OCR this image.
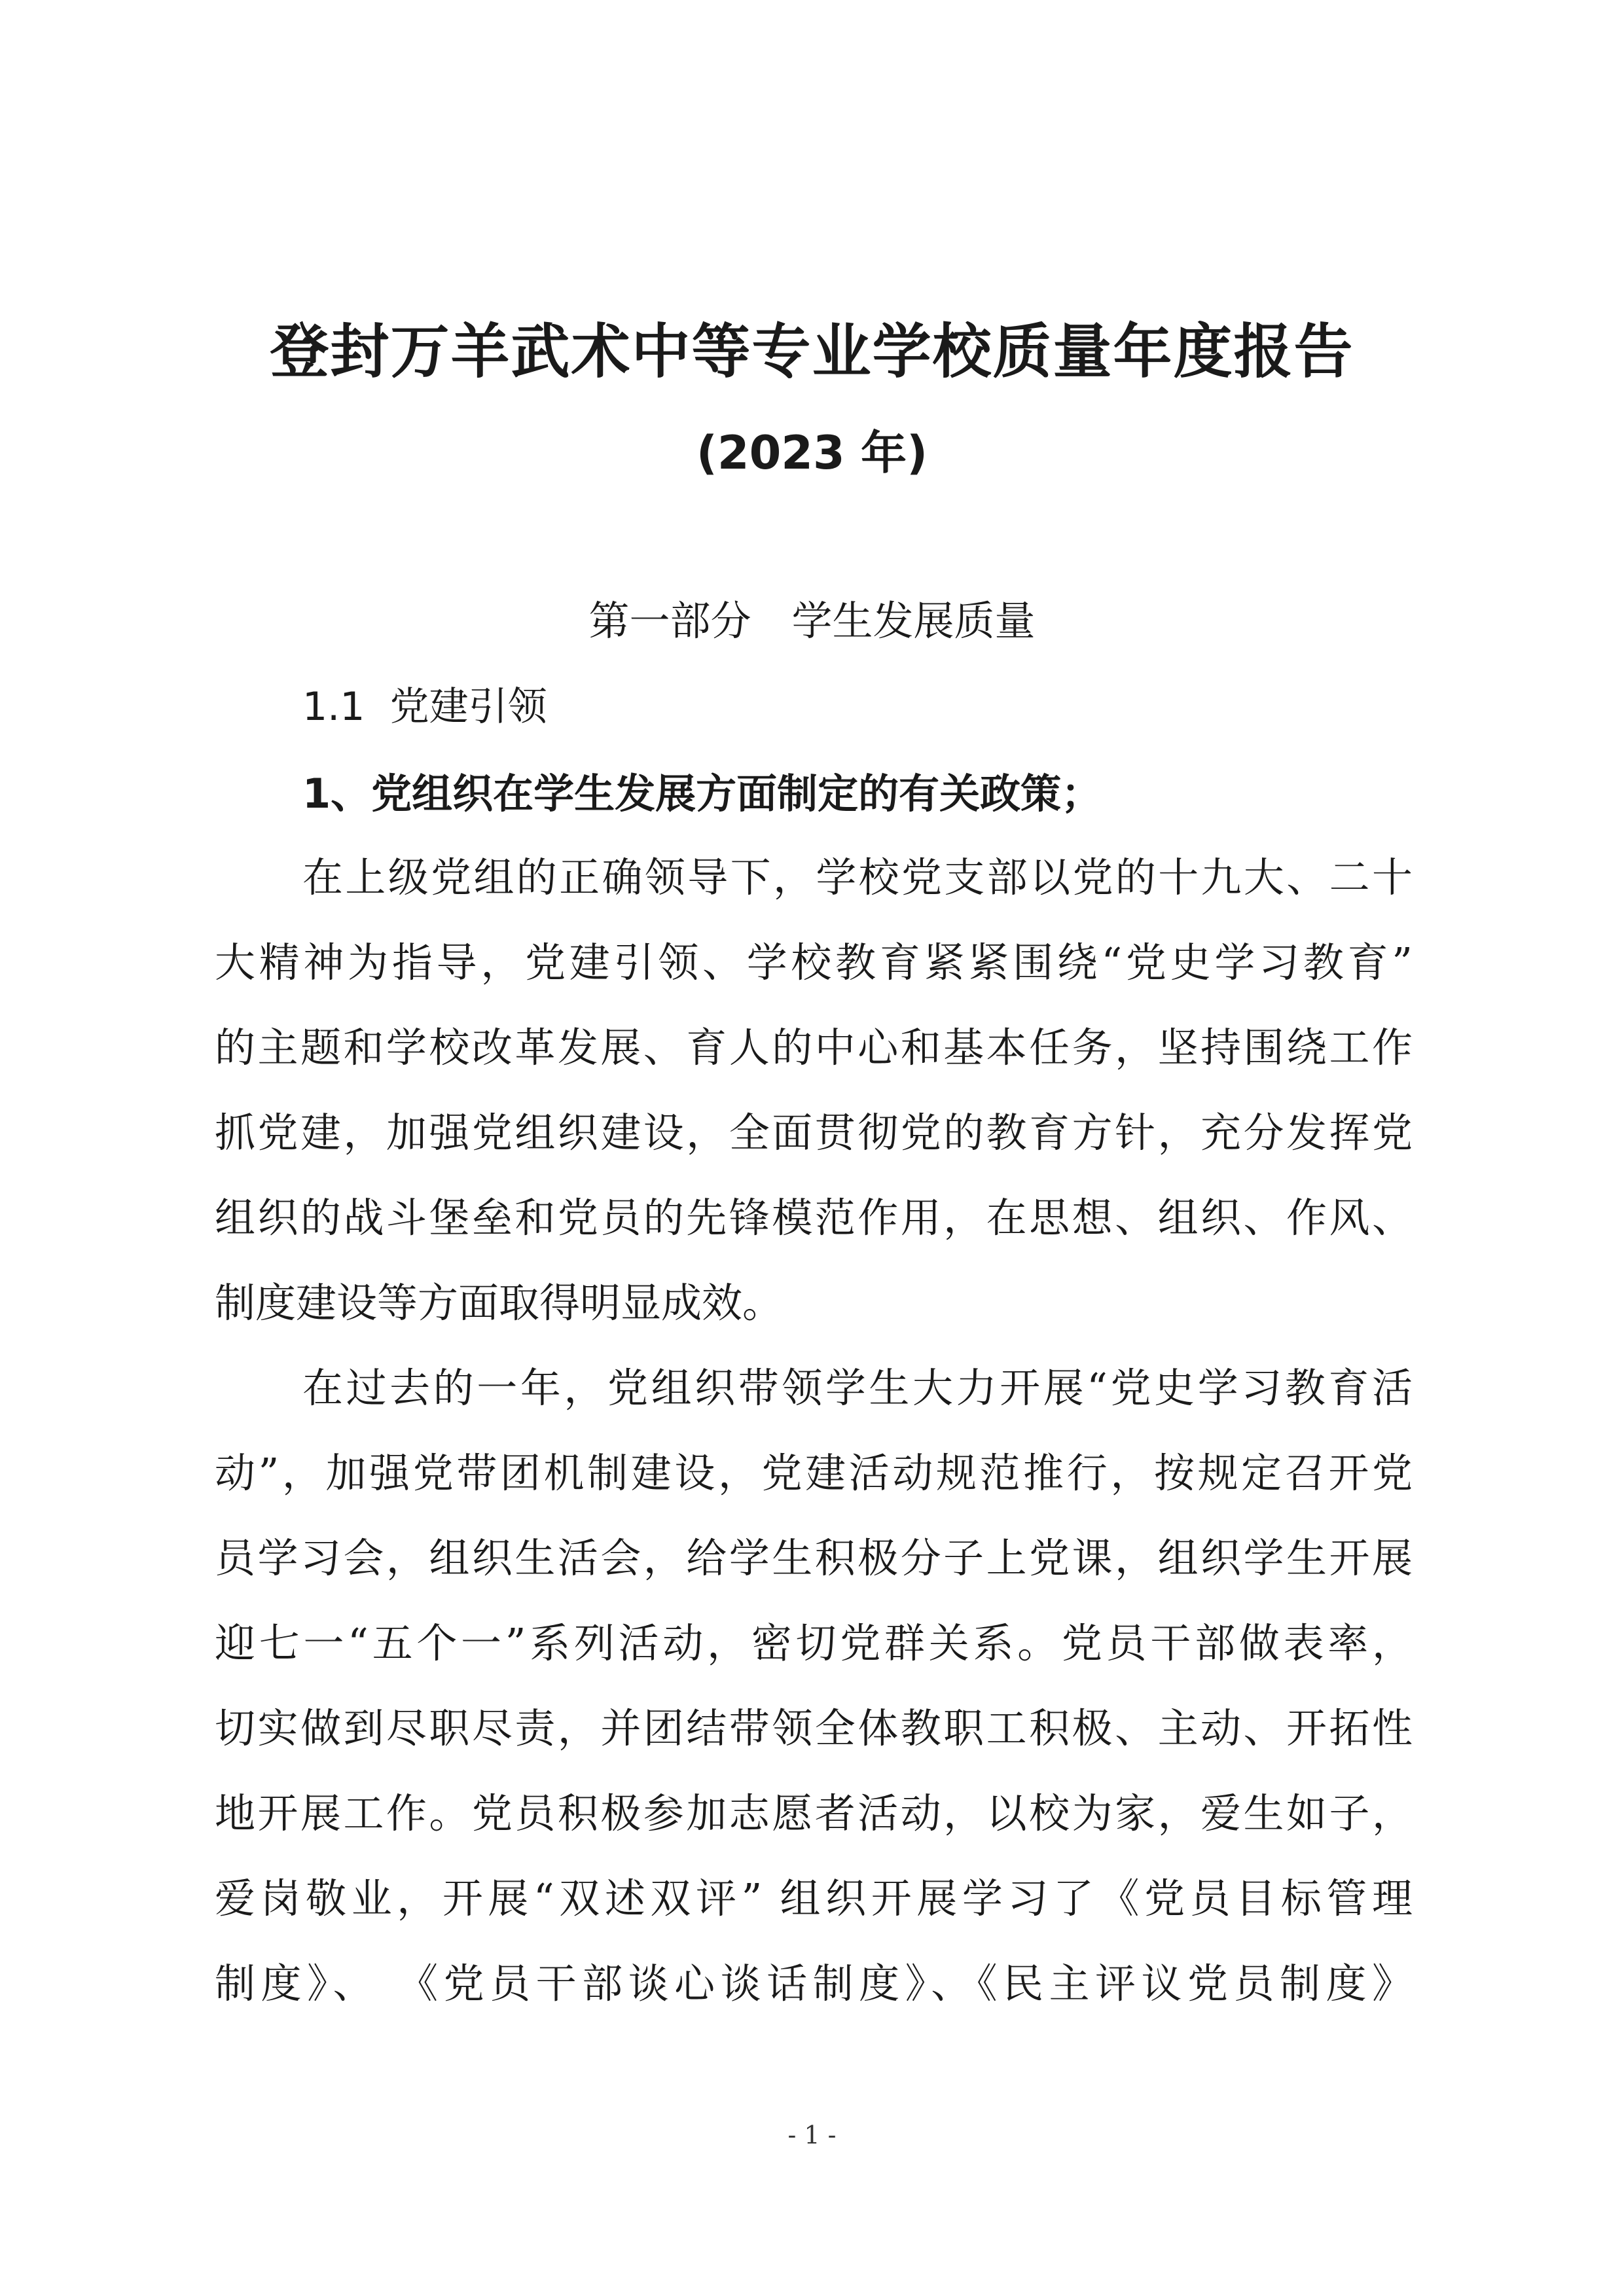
登封万羊武术中等专业学校质量年度报告
(2023 年)
第一部分　学生发展质量
1.1  党建引领
1、党组织在学生发展方面制定的有关政策；
在上级党组的正确领导下，学校党支部以党的十九大、二十
大精神为指导，党建引领、学校教育紧紧围绕“党史学习教育”
的主题和学校改革发展、育人的中心和基本任务，坚持围绕工作
抓党建，加强党组织建设，全面贯彻党的教育方针，充分发挥党
组织的战斗堡垒和党员的先锋模范作用，在思想、组织、作风、
制度建设等方面取得明显成效。
在过去的一年，党组织带领学生大力开展“党史学习教育活
动”，加强党带团机制建设，党建活动规范推行，按规定召开党
员学习会，组织生活会，给学生积极分子上党课，组织学生开展
迎七一“五个一”系列活动，密切党群关系。党员干部做表率，
切实做到尽职尽责，并团结带领全体教职工积极、主动、开拓性
地开展工作。党员积极参加志愿者活动，以校为家，爱生如子，
爱岗敬业，开展“双述双评” 组织开展学习了《党员目标管理
制度》、 《党员干部谈心谈话制度》、《民主评议党员制度》
- 1 -
